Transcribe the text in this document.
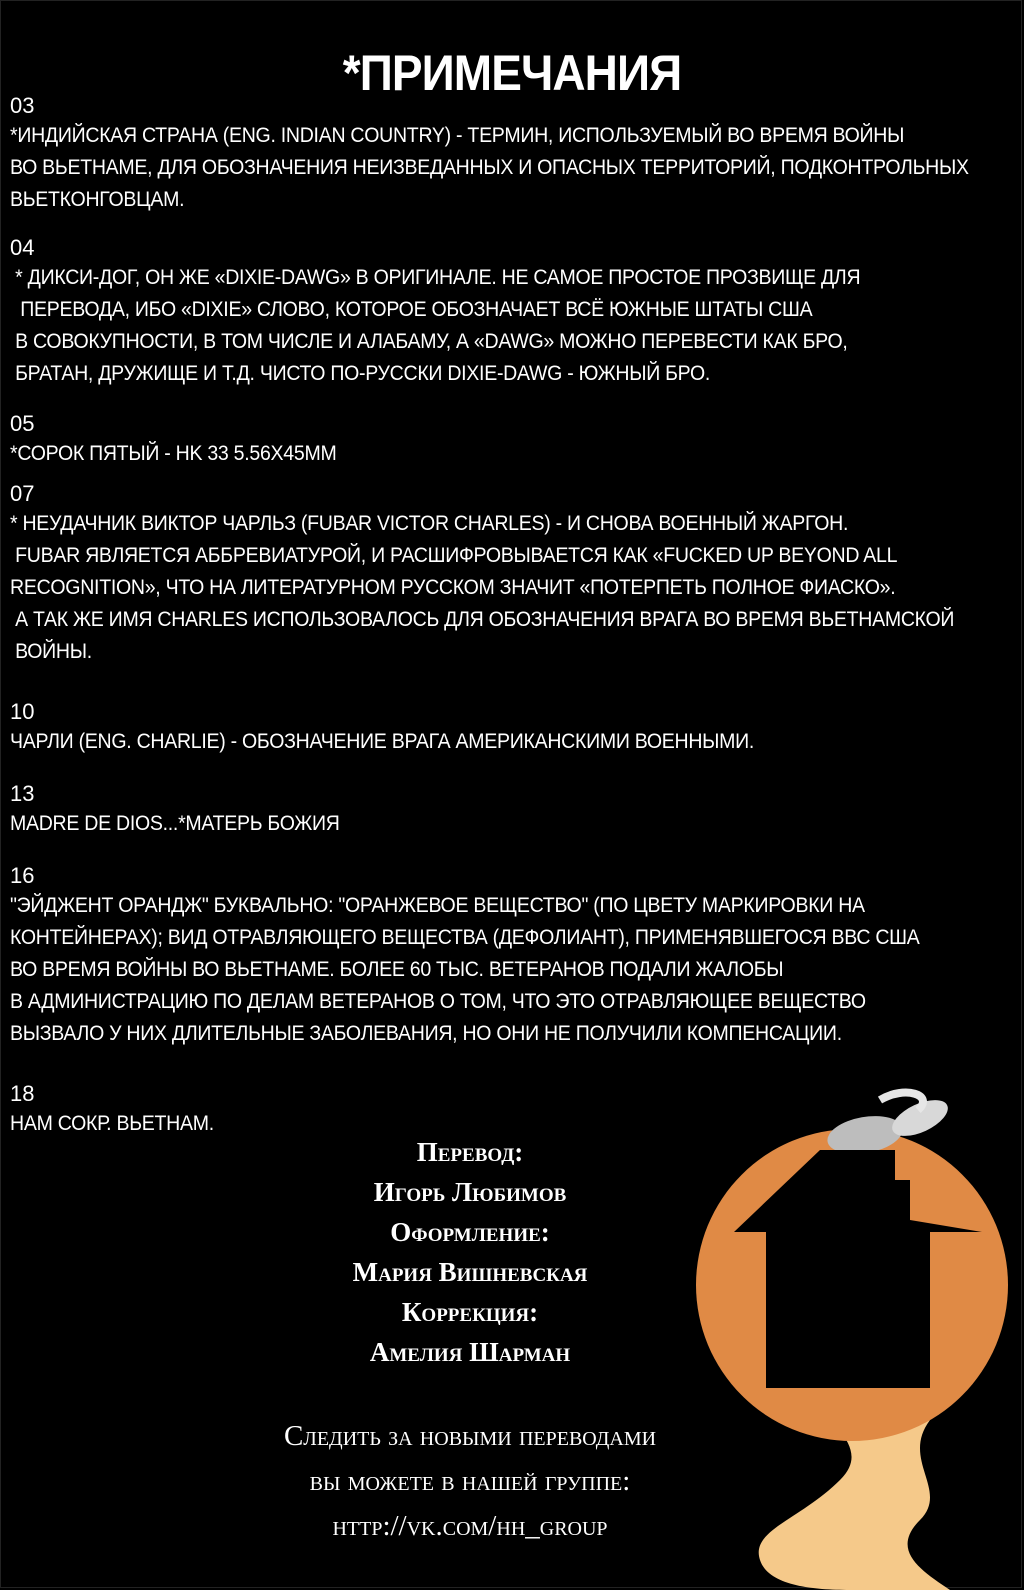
*ПРИМЕЧАНИЯ
03
*ИНДИЙСКАЯ СТРАНА (ENG. INDIAN COUNTRY) - ТЕРМИН, ИСПОЛЬЗУЕМЫЙ ВО ВРЕМЯ ВОЙНЫ
ВО ВЬЕТНАМЕ, ДЛЯ ОБОЗНАЧЕНИЯ НЕИЗВЕДАННЫХ И ОПАСНЫХ ТЕРРИТОРИЙ, ПОДКОНТРОЛЬНЫХ
ВЬЕТКОНГОВЦАМ.
04
* ДИКСИ-ДОГ, ОН ЖЕ «DIXIE-DAWG» В ОРИГИНАЛЕ. НЕ САМОЕ ПРОСТОЕ ПРОЗВИЩЕ ДЛЯ
ПЕРЕВОДА, ИБО «DIXIE» СЛОВО, КОТОРОЕ ОБОЗНАЧАЕТ ВСЁ ЮЖНЫЕ ШТАТЫ США
В СОВОКУПНОСТИ, В ТОМ ЧИСЛЕ И АЛАБАМУ, А «DAWG» МОЖНО ПЕРЕВЕСТИ КАК БРО,
БРАТАН, ДРУЖИЩЕ И Т.Д. ЧИСТО ПО-РУССКИ DIXIE-DAWG - ЮЖНЫЙ БРО.
05
*СОРОК ПЯТЫЙ - HK 33 5.56X45MM
07
* НЕУДАЧНИК ВИКТОР ЧАРЛЬЗ (FUBAR VICTOR CHARLES) - И СНОВА ВОЕННЫЙ ЖАРГОН.
FUBAR ЯВЛЯЕТСЯ АББРЕВИАТУРОЙ, И РАСШИФРОВЫВАЕТСЯ КАК «FUCKED UP BEYOND ALL
RECOGNITION», ЧТО НА ЛИТЕРАТУРНОМ РУССКОМ ЗНАЧИТ «ПОТЕРПЕТЬ ПОЛНОЕ ФИАСКО».
А ТАК ЖЕ ИМЯ CHARLES ИСПОЛЬЗОВАЛОСЬ ДЛЯ ОБОЗНАЧЕНИЯ ВРАГА ВО ВРЕМЯ ВЬЕТНАМСКОЙ
ВОЙНЫ.
10
ЧАРЛИ (ENG. CHARLIE) - ОБОЗНАЧЕНИЕ ВРАГА АМЕРИКАНСКИМИ ВОЕННЫМИ.
13
MADRE DE DIOS...*МАТЕРЬ БОЖИЯ
16
"ЭЙДЖЕНТ ОРАНДЖ" БУКВАЛЬНО: "ОРАНЖЕВОЕ ВЕЩЕСТВО" (ПО ЦВЕТУ МАРКИРОВКИ НА
КОНТЕЙНЕРАХ); ВИД ОТРАВЛЯЮЩЕГО ВЕЩЕСТВА (ДЕФОЛИАНТ), ПРИМЕНЯВШЕГОСЯ ВВС США
ВО ВРЕМЯ ВОЙНЫ ВО ВЬЕТНАМЕ. БОЛЕЕ 60 ТЫС. ВЕТЕРАНОВ ПОДАЛИ ЖАЛОБЫ
В АДМИНИСТРАЦИЮ ПО ДЕЛАМ ВЕТЕРАНОВ О ТОМ, ЧТО ЭТО ОТРАВЛЯЮЩЕЕ ВЕЩЕСТВО
ВЫЗВАЛО У НИХ ДЛИТЕЛЬНЫЕ ЗАБОЛЕВАНИЯ, НО ОНИ НЕ ПОЛУЧИЛИ КОМПЕНСАЦИИ.
18
НАМ СОКР. ВЬЕТНАМ.
Перевод:
Игорь Любимов
Оформление:
Мария Вишневская
Коррекция:
Амелия Шарман
Следить за новыми переводами
вы можете в нашей группе:
http://vk.com/hh_group
Haunted
House
